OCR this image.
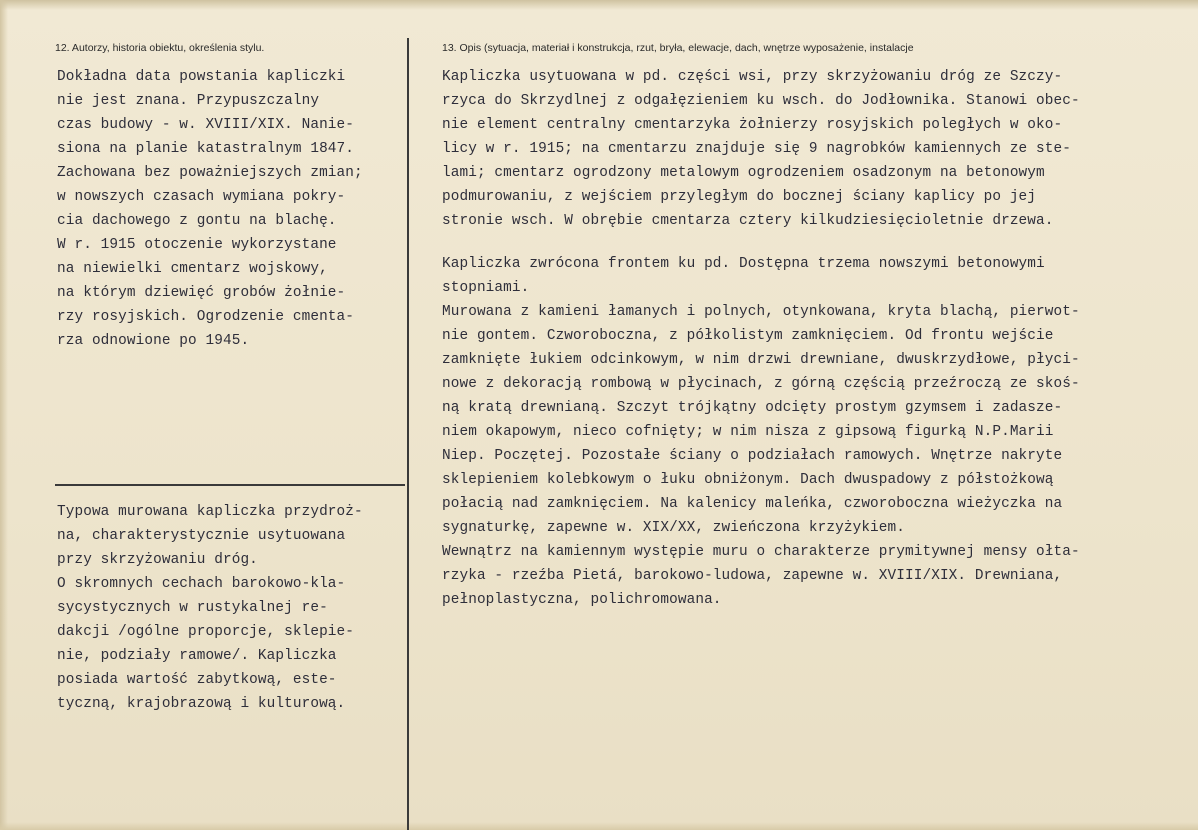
12. Autorzy, historia obiektu, określenia stylu.	13. Opis (sytuacja, materiał i konstrukcja, rzut, bryła, elewacje, dach, wnętrze wyposażenie, instalacje
Dokładna data powstania kapliczki
nie jest znana. Przypuszczalny
czas budowy - w. XVIII/XIX. Nanie-
siona na planie katastralnym 1847.
Zachowana bez poważniejszych zmian;
w nowszych czasach wymiana pokry-
cia dachowego z gontu na blachę.
W r. 1915 otoczenie wykorzystane
na niewielki cmentarz wojskowy,
na którym dziewięć grobów żołnie-
rzy rosyjskich. Ogrodzenie cmenta-
rza odnowione po 1945.
Typowa murowana kapliczka przydroż-
na, charakterystycznie usytuowana
przy skrzyżowaniu dróg.
O skromnych cechach barokowo-kla-
sycystycznych w rustykalnej re-
dakcji /ogólne proporcje, sklepie-
nie, podziały ramowe/. Kapliczka
posiada wartość zabytkową, este-
tyczną, krajobrazową i kulturową.
Kapliczka usytuowana w pd. części wsi, przy skrzyżowaniu dróg ze Szczy-
rzyca do Skrzydlnej z odgałęzieniem ku wsch. do Jodłownika. Stanowi obec-
nie element centralny cmentarzyka żołnierzy rosyjskich poległych w oko-
licy w r. 1915; na cmentarzu znajduje się 9 nagrobków kamiennych ze ste-
lami; cmentarz ogrodzony metalowym ogrodzeniem osadzonym na betonowym
podmurowaniu, z wejściem przyległym do bocznej ściany kaplicy po jej
stronie wsch. W obrębie cmentarza cztery kilkudziesięcioletnie drzewa.
Kapliczka zwrócona frontem ku pd. Dostępna trzema nowszymi betonowymi
stopniami.
Murowana z kamieni łamanych i polnych, otynkowana, kryta blachą, pierwot-
nie gontem. Czworoboczna, z półkolistym zamknięciem. Od frontu wejście
zamknięte łukiem odcinkowym, w nim drzwi drewniane, dwuskrzydłowe, płyci-
nowe z dekoracją rombową w płycinach, z górną częścią przeźroczą ze skoś-
ną kratą drewnianą. Szczyt trójkątny odcięty prostym gzymsem i zadasze-
niem okapowym, nieco cofnięty; w nim nisza z gipsową figurką N.P.Marii
Niep. Poczętej. Pozostałe ściany o podziałach ramowych. Wnętrze nakryte
sklepieniem kolebkowym o łuku obniżonym. Dach dwuspadowy z półstożkową
połacią nad zamknięciem. Na kalenicy maleńka, czworoboczna wieżyczka na
sygnaturkę, zapewne w. XIX/XX, zwieńczona krzyżykiem.
Wewnątrz na kamiennym występie muru o charakterze prymitywnej mensy ołta-
rzyka - rzeźba Pietá, barokowo-ludowa, zapewne w. XVIII/XIX. Drewniana,
pełnoplastyczna, polichromowana.
